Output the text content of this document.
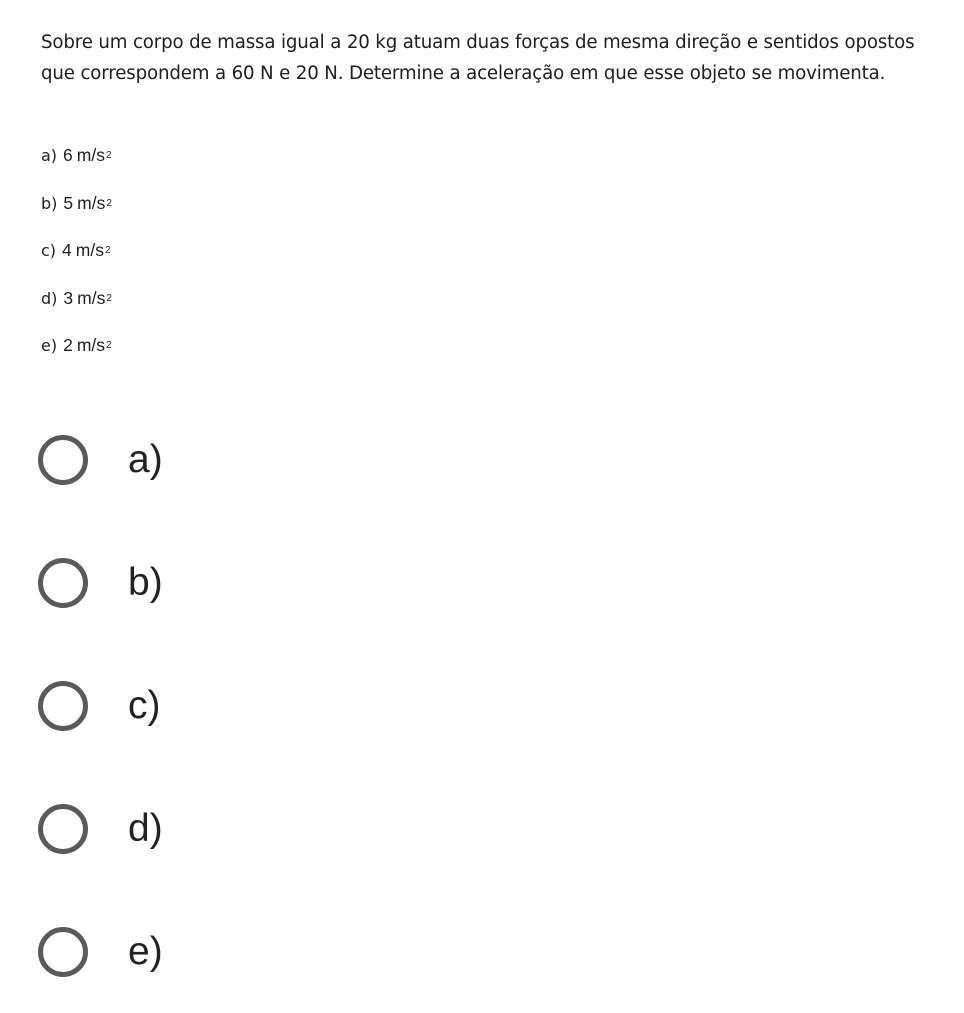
Sobre um corpo de massa igual a 20 kg atuam duas forças de mesma direção e sentidos opostos que correspondem a 60 N e 20 N. Determine a aceleração em que esse objeto se movimenta.

a) 6 m/s 2
b) 5 m/s 2
c) 4 m/s 2
d) 3 m/s 2
e) 2 m/s 2
a)
b)
c)
d)
e)
